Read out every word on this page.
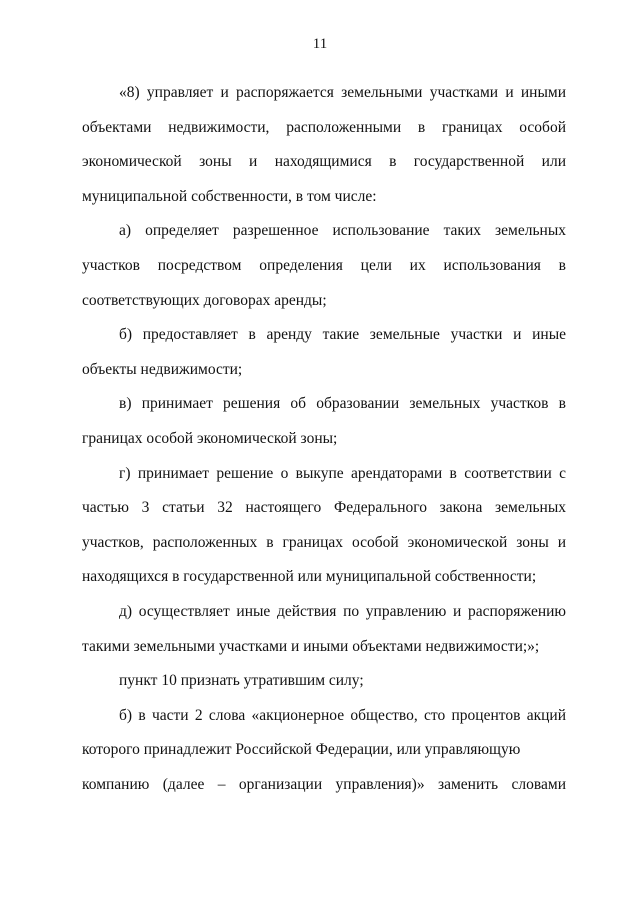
11

«8) управляет и распоряжается земельными участками и иными объектами недвижимости, расположенными в границах особой экономической зоны и находящимися в государственной или муниципальной собственности, в том числе:

а) определяет разрешенное использование таких земельных участков посредством определения цели их использования в соответствующих договорах аренды;

б) предоставляет в аренду такие земельные участки и иные объекты недвижимости;

в) принимает решения об образовании земельных участков в границах особой экономической зоны;

г) принимает решение о выкупе арендаторами в соответствии с частью 3 статьи 32 настоящего Федерального закона земельных участков, расположенных в границах особой экономической зоны и находящихся в государственной или муниципальной собственности;

д) осуществляет иные действия по управлению и распоряжению такими земельными участками и иными объектами недвижимости;»;

пункт 10 признать утратившим силу;

б) в части 2 слова «акционерное общество, сто процентов акций которого принадлежит Российской Федерации, или управляющую

компанию (далее – организации управления)» заменить словами
